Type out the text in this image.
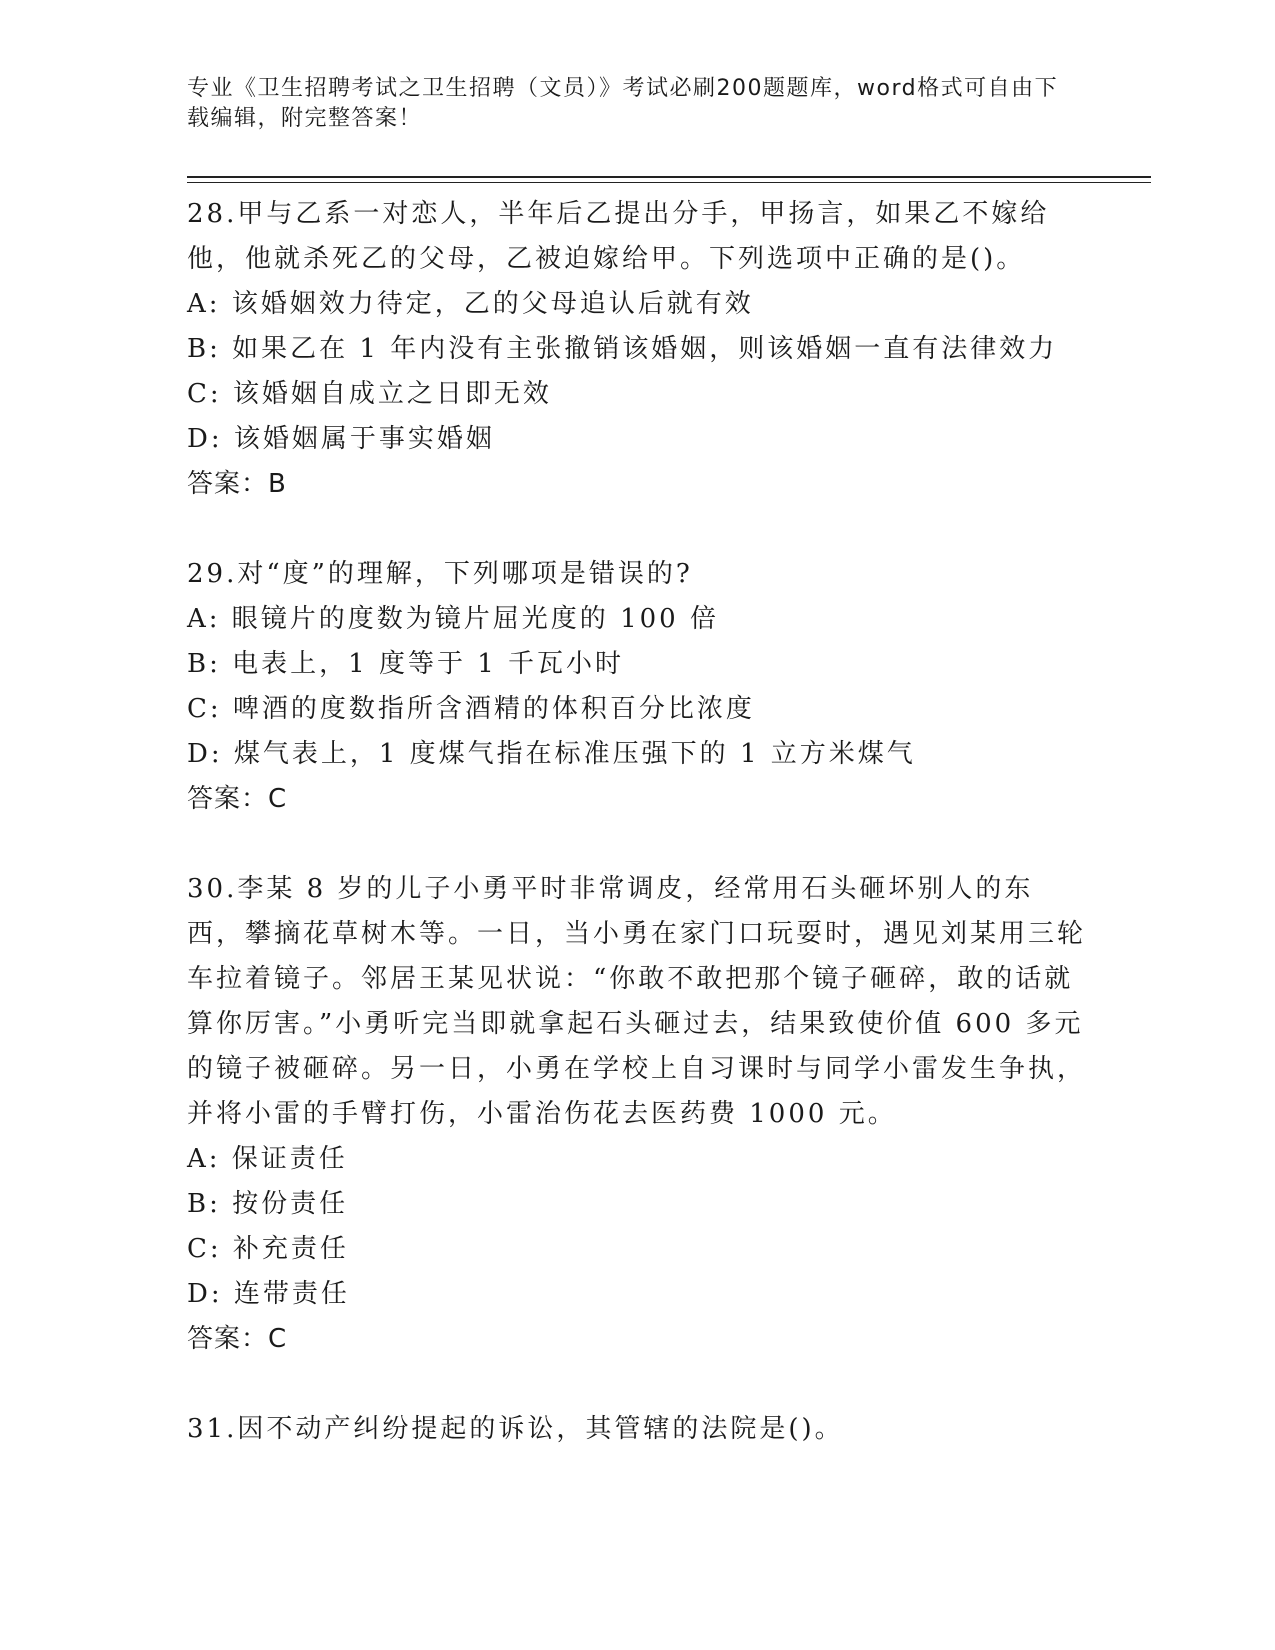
专业《卫生招聘考试之卫生招聘（文员）》考试必刷200题题库，word格式可自由下载编辑，附完整答案！
28.甲与乙系一对恋人，半年后乙提出分手，甲扬言，如果乙不嫁给他，他就杀死乙的父母，乙被迫嫁给甲。下列选项中正确的是()。
A: 该婚姻效力待定，乙的父母追认后就有效
B: 如果乙在 1 年内没有主张撤销该婚姻，则该婚姻一直有法律效力
C: 该婚姻自成立之日即无效
D: 该婚姻属于事实婚姻
答案：B
29.对“度”的理解，下列哪项是错误的?
A: 眼镜片的度数为镜片屈光度的 100 倍
B: 电表上，1 度等于 1 千瓦小时
C: 啤酒的度数指所含酒精的体积百分比浓度
D: 煤气表上，1 度煤气指在标准压强下的 1 立方米煤气
答案：C
30.李某 8 岁的儿子小勇平时非常调皮，经常用石头砸坏别人的东西，攀摘花草树木等。一日，当小勇在家门口玩耍时，遇见刘某用三轮车拉着镜子。邻居王某见状说：“你敢不敢把那个镜子砸碎，敢的话就算你厉害。”小勇听完当即就拿起石头砸过去，结果致使价值 600 多元的镜子被砸碎。另一日，小勇在学校上自习课时与同学小雷发生争执，并将小雷的手臂打伤，小雷治伤花去医药费 1000 元。
A: 保证责任
B: 按份责任
C: 补充责任
D: 连带责任
答案：C
31.因不动产纠纷提起的诉讼，其管辖的法院是()。
